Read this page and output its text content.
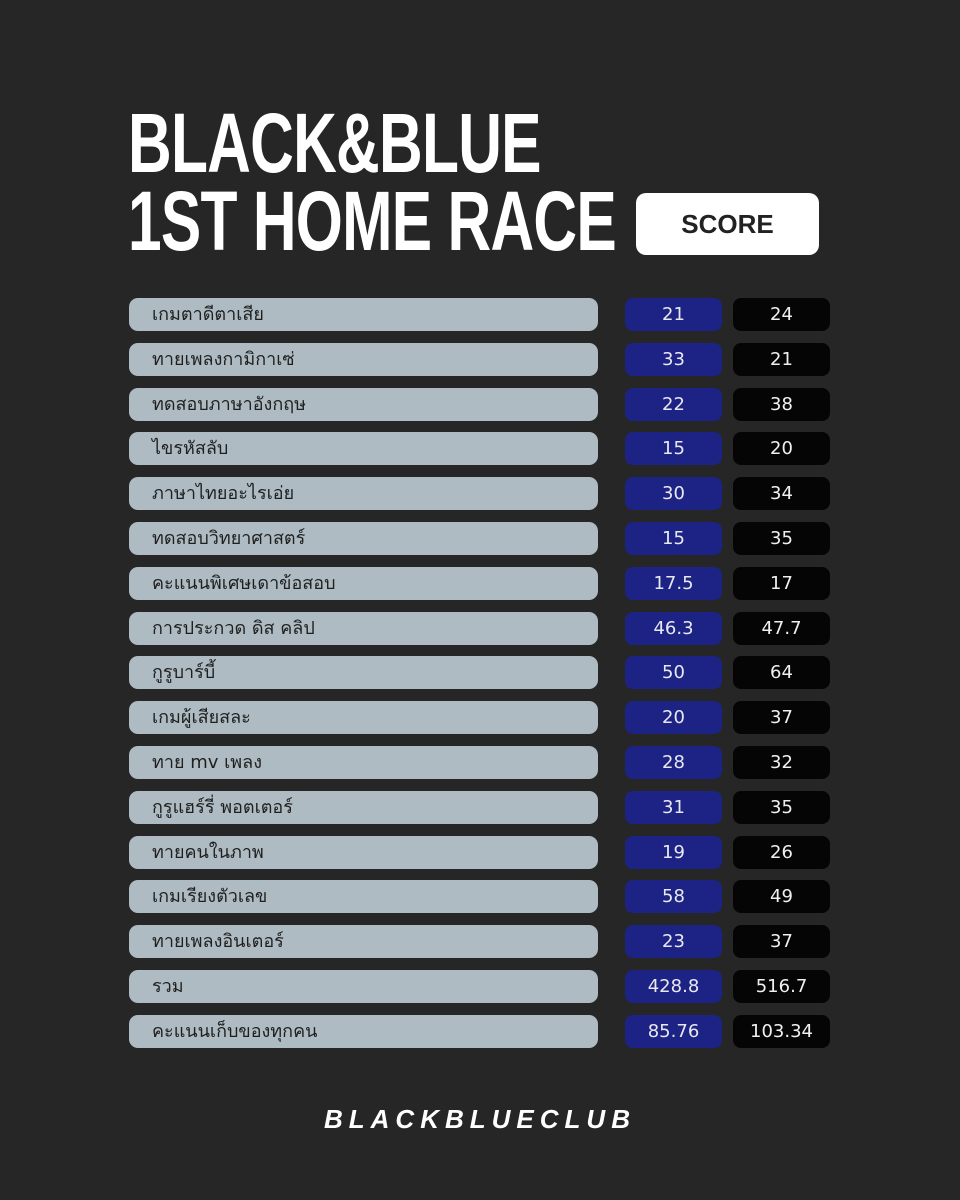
BLACK&BLUE
1ST HOME RACE	SCORE
เกมตาดีตาเสีย	21	24
ทายเพลงกามิกาเซ่	33	21
ทดสอบภาษาอังกฤษ	22	38
ไขรหัสลับ	15	20
ภาษาไทยอะไรเอ่ย	30	34
ทดสอบวิทยาศาสตร์	15	35
คะแนนพิเศษเดาข้อสอบ	17.5	17
การประกวด ดิส คลิป	46.3	47.7
กูรูบาร์บี้	50	64
เกมผู้เสียสละ	20	37
ทาย mv เพลง	28	32
กูรูแฮร์รี่ พอตเตอร์	31	35
ทายคนในภาพ	19	26
เกมเรียงตัวเลข	58	49
ทายเพลงอินเตอร์	23	37
รวม	428.8	516.7
คะแนนเก็บของทุกคน	85.76	103.34
BLACKBLUECLUB
